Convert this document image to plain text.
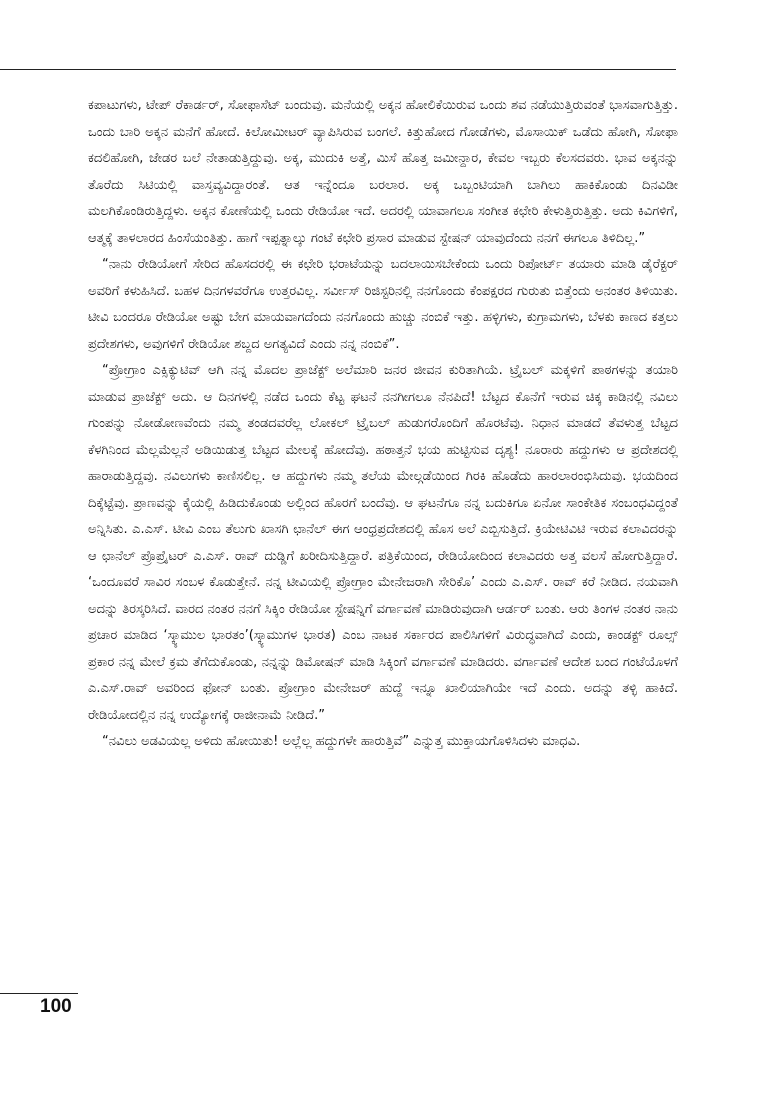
ಕಪಾಟುಗಳು, ಟೇಪ್ ರೆಕಾರ್ಡರ್, ಸೋಫಾಸೆಟ್ ಬಂದುವು. ಮನೆಯಲ್ಲಿ ಅಕ್ಕನ ಹೋಲಿಕೆಯಿರುವ ಒಂದು ಶವ ನಡೆಯುತ್ತಿರುವಂತೆ ಭಾಸವಾಗುತ್ತಿತ್ತು. ಒಂದು ಬಾರಿ ಅಕ್ಕನ ಮನೆಗೆ ಹೋದೆ. ಕಿಲೋಮೀಟರ್ ವ್ಯಾಪಿಸಿರುವ ಬಂಗಲೆ. ಕಿತ್ತುಹೋದ ಗೋಡೆಗಳು, ಮೊಸಾಯಿಕ್ ಒಡೆದು ಹೋಗಿ, ಸೋಫಾ ಕದಲಿಹೋಗಿ, ಜೇಡರ ಬಲೆ ನೇತಾಡುತ್ತಿದ್ದುವು. ಅಕ್ಕ, ಮುದುಕಿ ಅತ್ತೆ, ಮಿಸೆ ಹೊತ್ತ ಜಮೀನ್ದಾರ, ಕೇವಲ ಇಬ್ಬರು ಕೆಲಸದವರು. ಭಾವ ಅಕ್ಕನನ್ನು ತೊರೆದು ಸಿಟಿಯಲ್ಲಿ ವಾಸ್ತವ್ಯವಿದ್ದಾರಂತೆ. ಆತ ಇನ್ನೆಂದೂ ಬರಲಾರ. ಅಕ್ಕ ಒಬ್ಬಂಟಿಯಾಗಿ ಬಾಗಿಲು ಹಾಕಿಕೊಂಡು ದಿನವಿಡೀ ಮಲಗಿಕೊಂಡಿರುತ್ತಿದ್ದಳು. ಅಕ್ಕನ ಕೋಣೆಯಲ್ಲಿ ಒಂದು ರೇಡಿಯೋ ಇದೆ. ಅದರಲ್ಲಿ ಯಾವಾಗಲೂ ಸಂಗೀತ ಕಛೇರಿ ಕೇಳುತ್ತಿರುತ್ತಿತ್ತು. ಅದು ಕಿವಿಗಳಿಗೆ, ಆತ್ಮಕ್ಕೆ ತಾಳಲಾರದ ಹಿಂಸೆಯಂತಿತ್ತು. ಹಾಗೆ ಇಪ್ಪತ್ನಾಲ್ಕು ಗಂಟೆ ಕಛೇರಿ ಪ್ರಸಾರ ಮಾಡುವ ಸ್ಟೇಷನ್ ಯಾವುದೆಂದು ನನಗೆ ಈಗಲೂ ತಿಳಿದಿಲ್ಲ.”

“ನಾನು ರೇಡಿಯೋಗೆ ಸೇರಿದ ಹೊಸದರಲ್ಲಿ ಈ ಕಛೇರಿ ಭರಾಟೆಯನ್ನು ಬದಲಾಯಿಸಬೇಕೆಂದು ಒಂದು ರಿಪೋರ್ಟ್ ತಯಾರು ಮಾಡಿ ಡೈರೆಕ್ಟರ್ ಅವರಿಗೆ ಕಳುಹಿಸಿದೆ. ಬಹಳ ದಿನಗಳವರೆಗೂ ಉತ್ತರವಿಲ್ಲ. ಸರ್ವೀಸ್ ರಿಜಿಸ್ಟರಿನಲ್ಲಿ ನನಗೊಂದು ಕೆಂಪಕ್ಷರದ ಗುರುತು ಬಿತ್ತೆಂದು ಅನಂತರ ತಿಳಿಯಿತು. ಟೀವಿ ಬಂದರೂ ರೇಡಿಯೋ ಅಷ್ಟು ಬೇಗ ಮಾಯವಾಗದೆಂದು ನನಗೊಂದು ಹುಚ್ಚು ನಂಬಿಕೆ ಇತ್ತು. ಹಳ್ಳಿಗಳು, ಕುಗ್ರಾಮಗಳು, ಬೆಳಕು ಕಾಣದ ಕತ್ತಲು ಪ್ರದೇಶಗಳು, ಅವುಗಳಿಗೆ ರೇಡಿಯೋ ಶಬ್ದದ ಅಗತ್ಯವಿದೆ ಎಂದು ನನ್ನ ನಂಬಿಕೆ”.

“ಪ್ರೋಗ್ರಾಂ ಎಕ್ಸಿಕ್ಯುಟಿವ್ ಆಗಿ ನನ್ನ ಮೊದಲ ಪ್ರಾಜೆಕ್ಟ್ ಅಲೆಮಾರಿ ಜನರ ಜೀವನ ಕುರಿತಾಗಿಯೆ. ಟ್ರೈಬಲ್ ಮಕ್ಕಳಿಗೆ ಪಾಠಗಳನ್ನು ತಯಾರಿ ಮಾಡುವ ಪ್ರಾಜೆಕ್ಟ್ ಅದು. ಆ ದಿನಗಳಲ್ಲಿ ನಡೆದ ಒಂದು ಕೆಟ್ಟ ಘಟನೆ ನನಗೀಗಲೂ ನೆನಪಿದೆ! ಬೆಟ್ಟದ ಕೊನೆಗೆ ಇರುವ ಚಿಕ್ಕ ಕಾಡಿನಲ್ಲಿ ನವಿಲು ಗುಂಪನ್ನು ನೋಡೋಣವೆಂದು ನಮ್ಮ ತಂಡದವರೆಲ್ಲ ಲೋಕಲ್ ಟ್ರೈಬಲ್ ಹುಡುಗರೊಂದಿಗೆ ಹೊರಟೆವು. ನಿಧಾನ ಮಾಡದೆ ತೆವಳುತ್ತ ಬೆಟ್ಟದ ಕೆಳಗಿನಿಂದ ಮೆಲ್ಲಮೆಲ್ಲನೆ ಅಡಿಯಿಡುತ್ತ ಬೆಟ್ಟದ ಮೇಲಕ್ಕೆ ಹೋದೆವು. ಹಠಾತ್ತನೆ ಭಯ ಹುಟ್ಟಿಸುವ ದೃಶ್ಯ! ನೂರಾರು ಹದ್ದುಗಳು ಆ ಪ್ರದೇಶದಲ್ಲಿ ಹಾರಾಡುತ್ತಿದ್ದವು. ನವಿಲುಗಳು ಕಾಣಿಸಲಿಲ್ಲ. ಆ ಹದ್ದುಗಳು ನಮ್ಮ ತಲೆಯ ಮೇಲ್ಗಡೆಯಿಂದ ಗಿರಕಿ ಹೊಡೆದು ಹಾರಲಾರಂಭಿಸಿದುವು. ಭಯದಿಂದ ದಿಕ್ಕೆಟ್ಟೆವು. ಪ್ರಾಣವನ್ನು ಕೈಯಲ್ಲಿ ಹಿಡಿದುಕೊಂಡು ಅಲ್ಲಿಂದ ಹೊರಗೆ ಬಂದೆವು. ಆ ಘಟನೆಗೂ ನನ್ನ ಬದುಕಿಗೂ ಏನೋ ಸಾಂಕೇತಿಕ ಸಂಬಂಧವಿದ್ದಂತೆ ಅನ್ನಿಸಿತು. ಎ.ಎಸ್. ಟೀವಿ ಎಂಬ ತೆಲುಗು ಖಾಸಗಿ ಛಾನೆಲ್ ಈಗ ಆಂಧ್ರಪ್ರದೇಶದಲ್ಲಿ ಹೊಸ ಅಲೆ ಎಬ್ಬಿಸುತ್ತಿದೆ. ಕ್ರಿಯೇಟಿವಿಟಿ ಇರುವ ಕಲಾವಿದರನ್ನು ಆ ಛಾನೆಲ್ ಪ್ರೊಪ್ರೈಟರ್ ಎ.ಎಸ್. ರಾವ್ ದುಡ್ಡಿಗೆ ಖರೀದಿಸುತ್ತಿದ್ದಾರೆ. ಪತ್ರಿಕೆಯಿಂದ, ರೇಡಿಯೋದಿಂದ ಕಲಾವಿದರು ಅತ್ತ ವಲಸೆ ಹೋಗುತ್ತಿದ್ದಾರೆ. ‘ಒಂದೂವರೆ ಸಾವಿರ ಸಂಬಳ ಕೊಡುತ್ತೇನೆ. ನನ್ನ ಟೀವಿಯಲ್ಲಿ ಪ್ರೋಗ್ರಾಂ ಮೇನೇಜರಾಗಿ ಸೇರಿಕೊ’ ಎಂದು ಎ.ಎಸ್. ರಾವ್ ಕರೆ ನೀಡಿದ. ನಯವಾಗಿ ಅದನ್ನು ತಿರಸ್ಕರಿಸಿದೆ. ವಾರದ ನಂತರ ನನಗೆ ಸಿಕ್ಕಿಂ ರೇಡಿಯೋ ಸ್ಟೇಷನ್ನಿಗೆ ವರ್ಗಾವಣೆ ಮಾಡಿರುವುದಾಗಿ ಆರ್ಡರ್ ಬಂತು. ಆರು ತಿಂಗಳ ನಂತರ ನಾನು ಪ್ರಚಾರ ಮಾಡಿದ ‘ಸ್ಕ್ಯಾಮುಲ ಭಾರತಂ’(ಸ್ಕ್ಯಾಮುಗಳ ಭಾರತ) ಎಂಬ ನಾಟಕ ಸರ್ಕಾರದ ಪಾಲಿಸಿಗಳಿಗೆ ವಿರುದ್ಧವಾಗಿದೆ ಎಂದು, ಕಾಂಡಕ್ಟ್ ರೂಲ್ಸ್ ಪ್ರಕಾರ ನನ್ನ ಮೇಲೆ ಕ್ರಮ ತೆಗೆದುಕೊಂಡು, ನನ್ನನ್ನು ಡಿಮೋಷನ್ ಮಾಡಿ ಸಿಕ್ಕಿಂಗೆ ವರ್ಗಾವಣೆ ಮಾಡಿದರು. ವರ್ಗಾವಣೆ ಆದೇಶ ಬಂದ ಗಂಟೆಯೊಳಗೆ ಎ.ಎಸ್.ರಾವ್ ಅವರಿಂದ ಫೋನ್ ಬಂತು. ಪ್ರೋಗ್ರಾಂ ಮೇನೇಜರ್ ಹುದ್ದೆ ಇನ್ನೂ ಖಾಲಿಯಾಗಿಯೇ ಇದೆ ಎಂದು. ಅದನ್ನು ತಳ್ಳಿ ಹಾಕಿದೆ. ರೇಡಿಯೋದಲ್ಲಿನ ನನ್ನ ಉದ್ಯೋಗಕ್ಕೆ ರಾಜೀನಾಮೆ ನೀಡಿದೆ.”

“ನವಿಲು ಅಡವಿಯಲ್ಲ ಅಳಿದು ಹೋಯಿತು! ಅಲ್ಲೆಲ್ಲ ಹದ್ದುಗಳೇ ಹಾರುತ್ತಿವೆ” ಎನ್ನುತ್ತ ಮುಕ್ತಾಯಗೊಳಿಸಿದಳು ಮಾಧವಿ.

100
